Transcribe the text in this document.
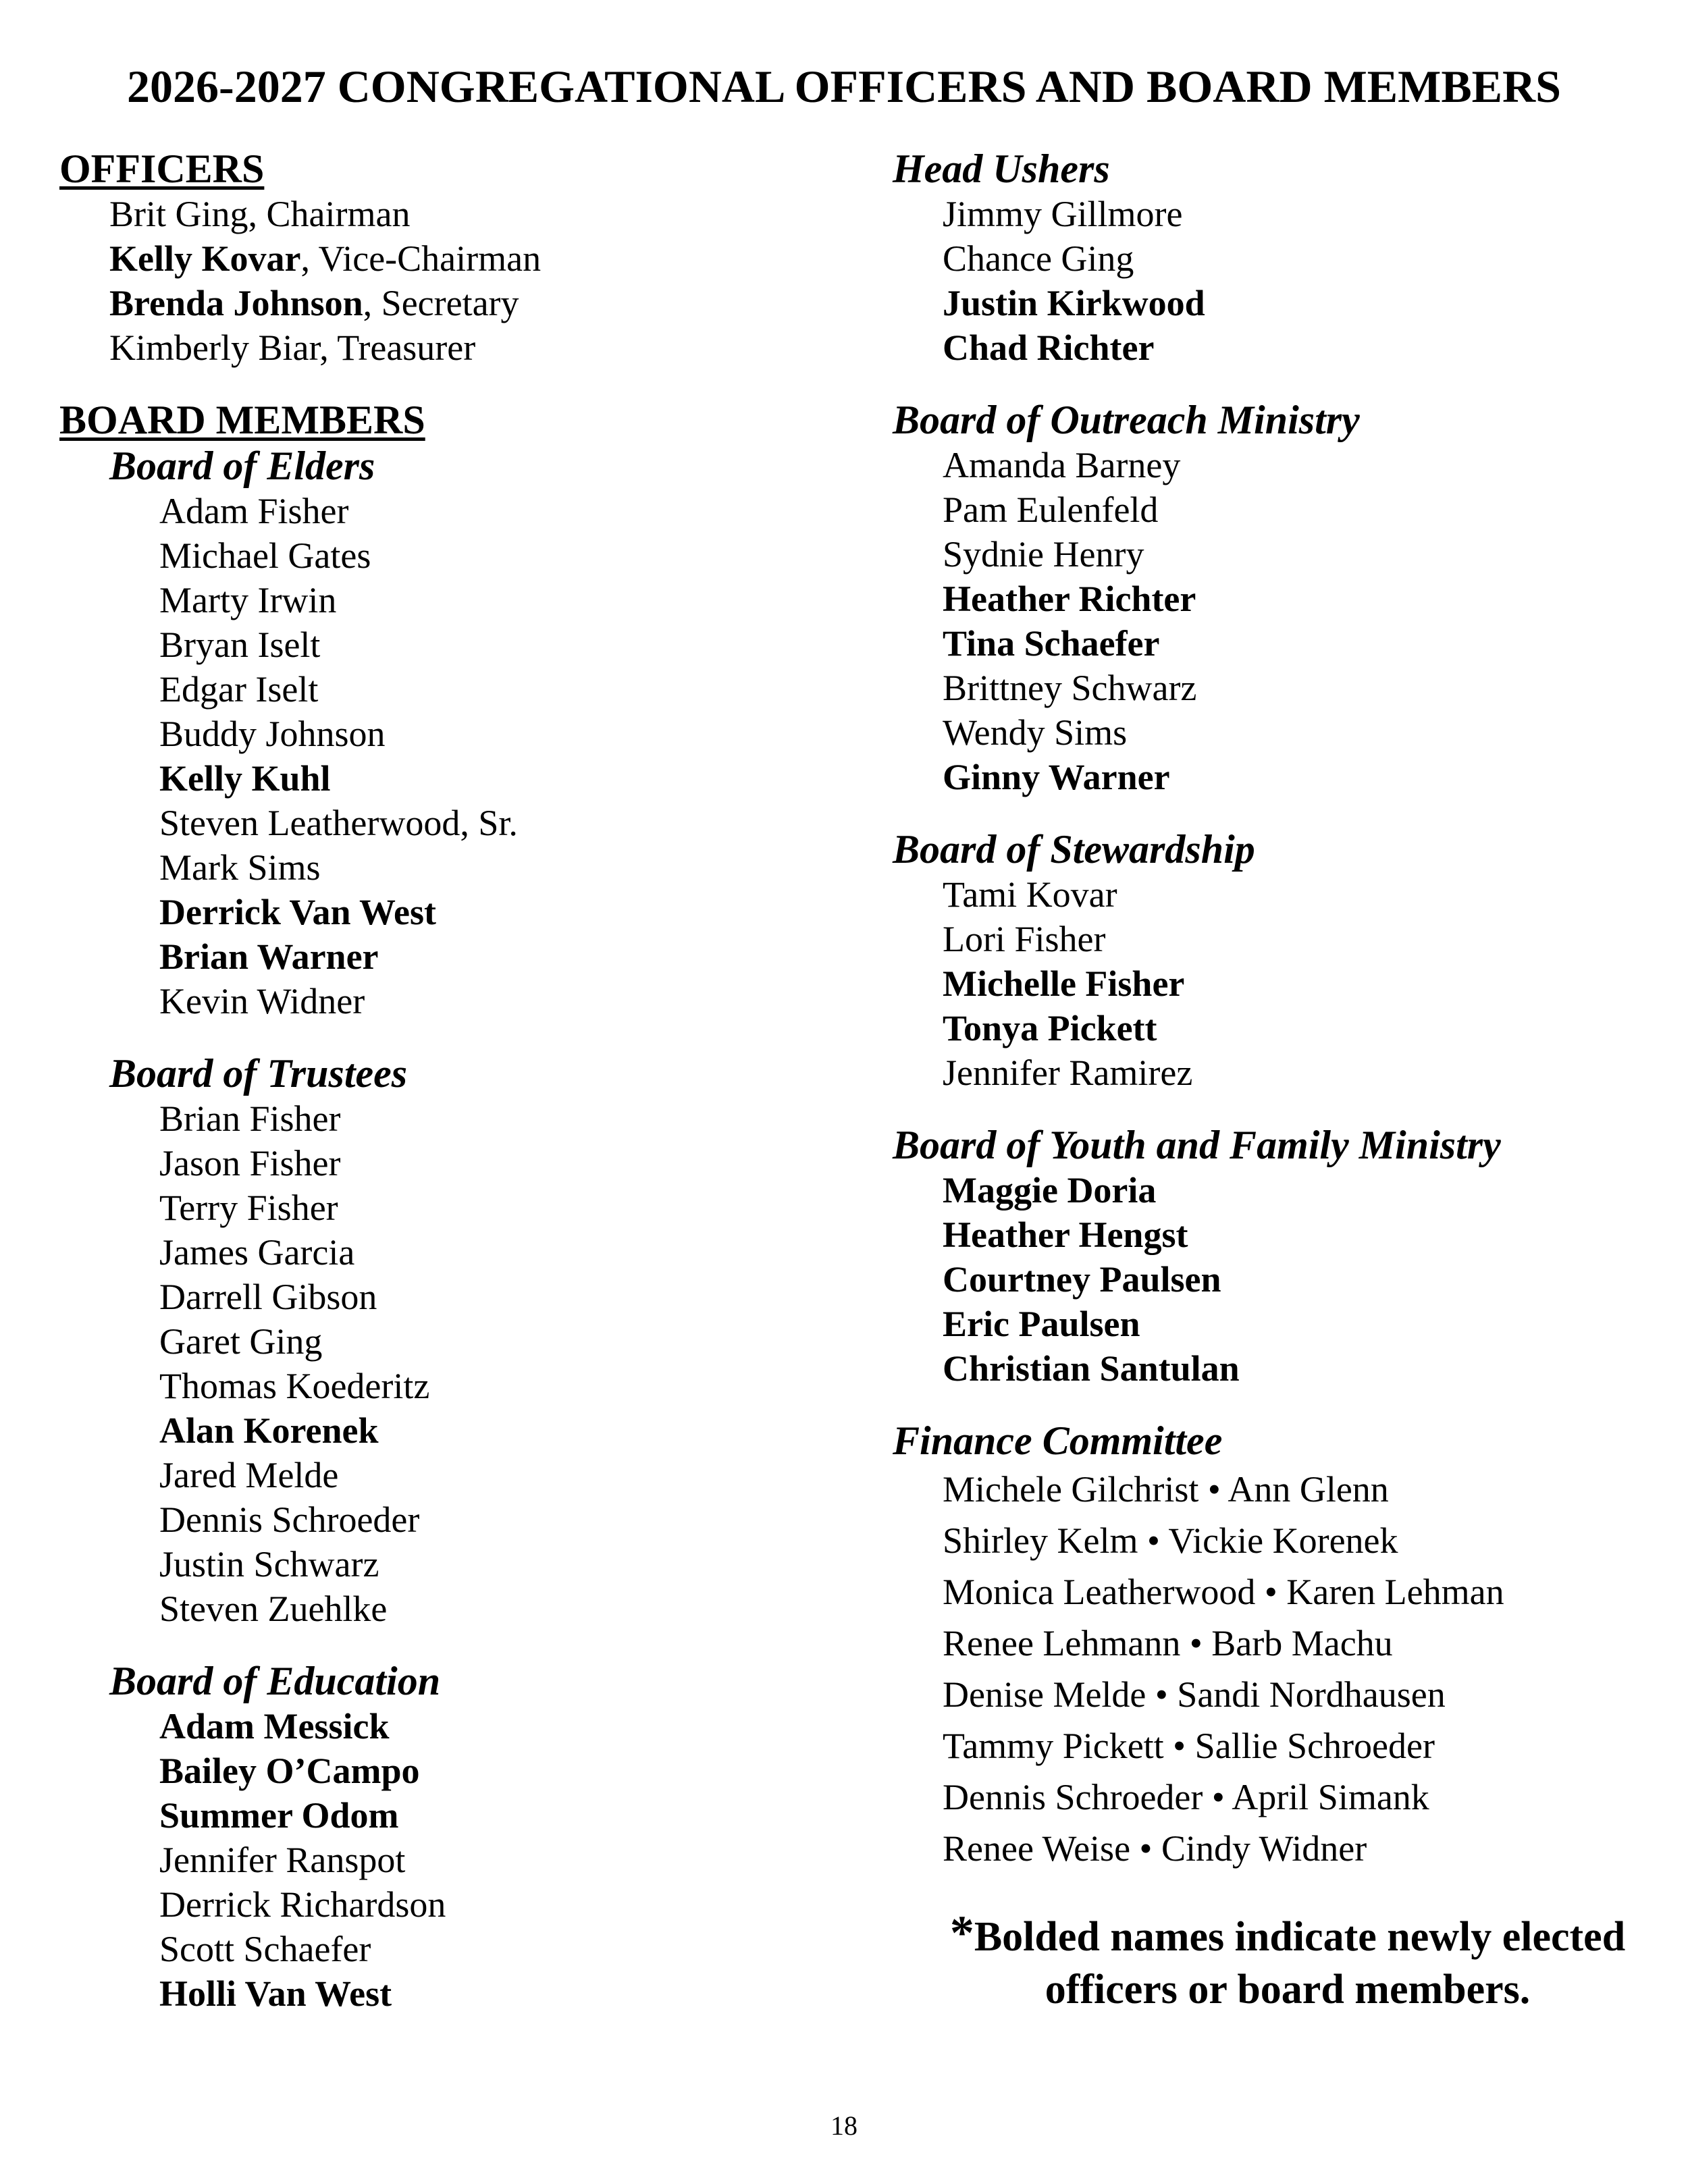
2026-2027 CONGREGATIONAL OFFICERS AND BOARD MEMBERS
OFFICERS
Brit Ging, Chairman
Kelly Kovar, Vice-Chairman
Brenda Johnson, Secretary
Kimberly Biar, Treasurer
BOARD MEMBERS
Board of Elders
Adam Fisher
Michael Gates
Marty Irwin
Bryan Iselt
Edgar Iselt
Buddy Johnson
Kelly Kuhl
Steven Leatherwood, Sr.
Mark Sims
Derrick Van West
Brian Warner
Kevin Widner
Board of Trustees
Brian Fisher
Jason Fisher
Terry Fisher
James Garcia
Darrell Gibson
Garet Ging
Thomas Koederitz
Alan Korenek
Jared Melde
Dennis Schroeder
Justin Schwarz
Steven Zuehlke
Board of Education
Adam Messick
Bailey O’Campo
Summer Odom
Jennifer Ranspot
Derrick Richardson
Scott Schaefer
Holli Van West
Head Ushers
Jimmy Gillmore
Chance Ging
Justin Kirkwood
Chad Richter
Board of Outreach Ministry
Amanda Barney
Pam Eulenfeld
Sydnie Henry
Heather Richter
Tina Schaefer
Brittney Schwarz
Wendy Sims
Ginny Warner
Board of Stewardship
Tami Kovar
Lori Fisher
Michelle Fisher
Tonya Pickett
Jennifer Ramirez
Board of Youth and Family Ministry
Maggie Doria
Heather Hengst
Courtney Paulsen
Eric Paulsen
Christian Santulan
Finance Committee
Michele Gilchrist • Ann Glenn
Shirley Kelm • Vickie Korenek
Monica Leatherwood • Karen Lehman
Renee Lehmann • Barb Machu
Denise Melde • Sandi Nordhausen
Tammy Pickett • Sallie Schroeder
Dennis Schroeder • April Simank
Renee Weise • Cindy Widner
*Bolded names indicate newly elected
officers or board members.
18
